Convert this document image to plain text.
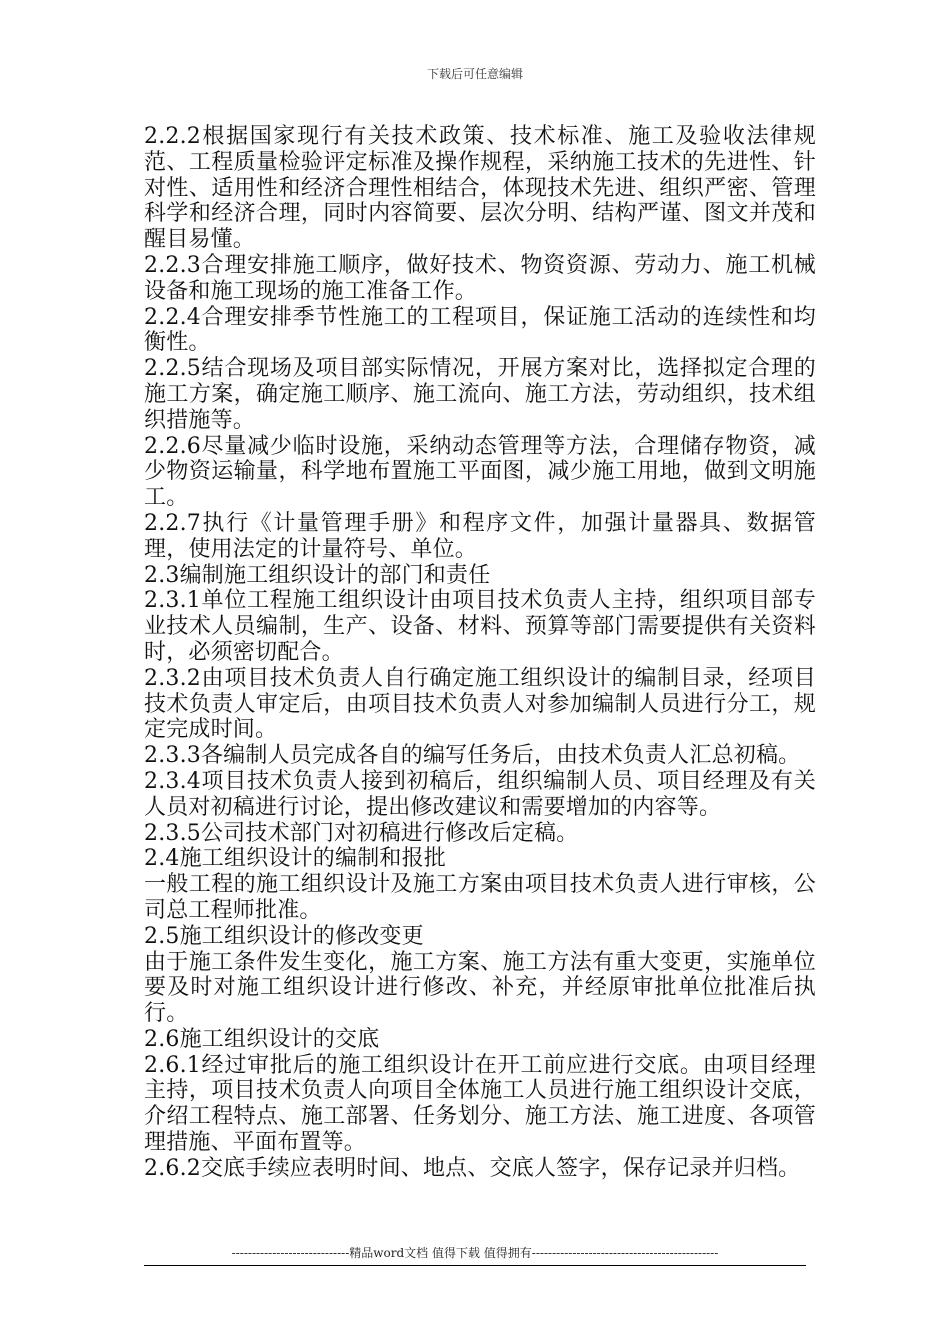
下载后可任意编辑

2.2.2根据国家现行有关技术政策、技术标准、施工及验收法律规范、工程质量检验评定标准及操作规程，采纳施工技术的先进性、针对性、适用性和经济合理性相结合，体现技术先进、组织严密、管理科学和经济合理，同时内容简要、层次分明、结构严谨、图文并茂和醒目易懂。

2.2.3合理安排施工顺序，做好技术、物资资源、劳动力、施工机械设备和施工现场的施工准备工作。

2.2.4合理安排季节性施工的工程项目，保证施工活动的连续性和均衡性。

2.2.5结合现场及项目部实际情况，开展方案对比，选择拟定合理的施工方案，确定施工顺序、施工流向、施工方法，劳动组织，技术组织措施等。

2.2.6尽量减少临时设施，采纳动态管理等方法，合理储存物资，减少物资运输量，科学地布置施工平面图，减少施工用地，做到文明施工。

2.2.7执行《计量管理手册》和程序文件，加强计量器具、数据管理，使用法定的计量符号、单位。

2.3编制施工组织设计的部门和责任

2.3.1单位工程施工组织设计由项目技术负责人主持，组织项目部专业技术人员编制，生产、设备、材料、预算等部门需要提供有关资料时，必须密切配合。

2.3.2由项目技术负责人自行确定施工组织设计的编制目录，经项目技术负责人审定后，由项目技术负责人对参加编制人员进行分工，规定完成时间。

2.3.3各编制人员完成各自的编写任务后，由技术负责人汇总初稿。

2.3.4项目技术负责人接到初稿后，组织编制人员、项目经理及有关人员对初稿进行讨论，提出修改建议和需要增加的内容等。

2.3.5公司技术部门对初稿进行修改后定稿。

2.4施工组织设计的编制和报批

一般工程的施工组织设计及施工方案由项目技术负责人进行审核，公司总工程师批准。

2.5施工组织设计的修改变更

由于施工条件发生变化，施工方案、施工方法有重大变更，实施单位要及时对施工组织设计进行修改、补充，并经原审批单位批准后执行。

2.6施工组织设计的交底

2.6.1经过审批后的施工组织设计在开工前应进行交底。由项目经理主持，项目技术负责人向项目全体施工人员进行施工组织设计交底，介绍工程特点、施工部署、任务划分、施工方法、施工进度、各项管理措施、平面布置等。

2.6.2交底手续应表明时间、地点、交底人签字，保存记录并归档。

-----------------------------精品word文档 值得下载 值得拥有----------------------------------------------
